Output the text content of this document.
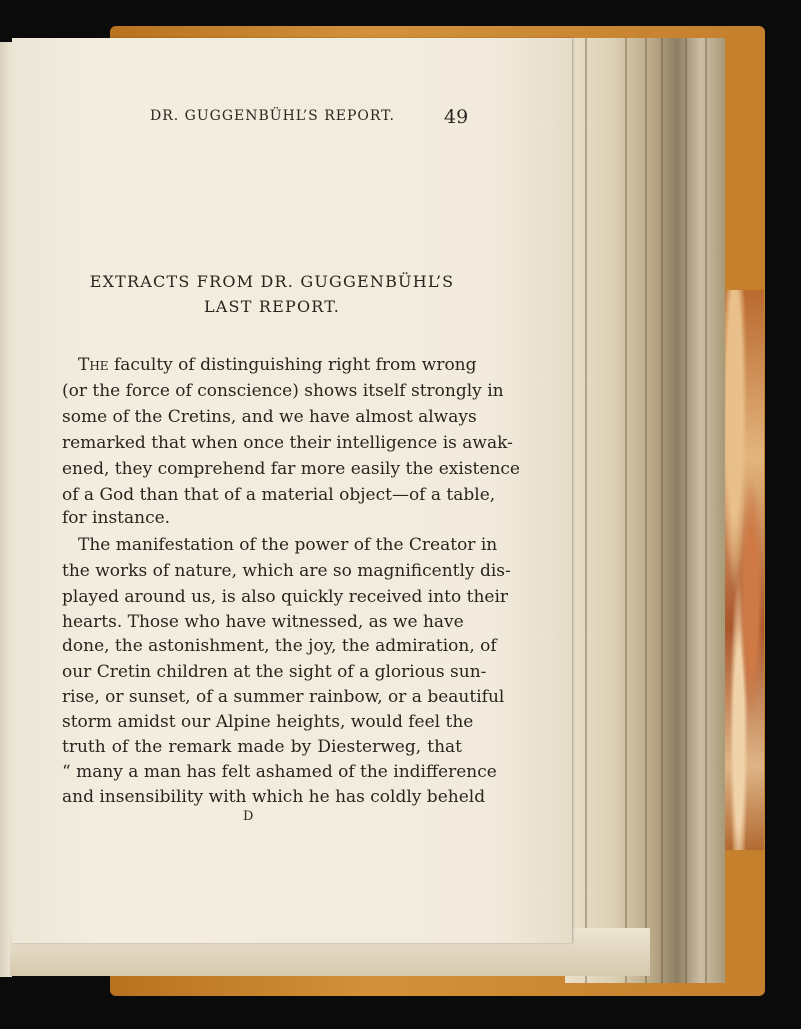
DR. GUGGENBÜHL’S REPORT.	49
EXTRACTS FROM DR. GUGGENBÜHL’S
LAST REPORT.
The faculty of distinguishing right from wrong
(or the force of conscience) shows itself strongly in
some of the Cretins, and we have almost always
remarked that when once their intelligence is awak-
ened, they comprehend far more easily the existence
of a God than that of a material object—of a table,
for instance.
The manifestation of the power of the Creator in
the works of nature, which are so magnificently dis-
played around us, is also quickly received into their
hearts. Those who have witnessed, as we have
done, the astonishment, the joy, the admiration, of
our Cretin children at the sight of a glorious sun-
rise, or sunset, of a summer rainbow, or a beautiful
storm amidst our Alpine heights, would feel the
truth of the remark made by Diesterweg, that
“ many a man has felt ashamed of the indifference
and insensibility with which he has coldly beheld
D
